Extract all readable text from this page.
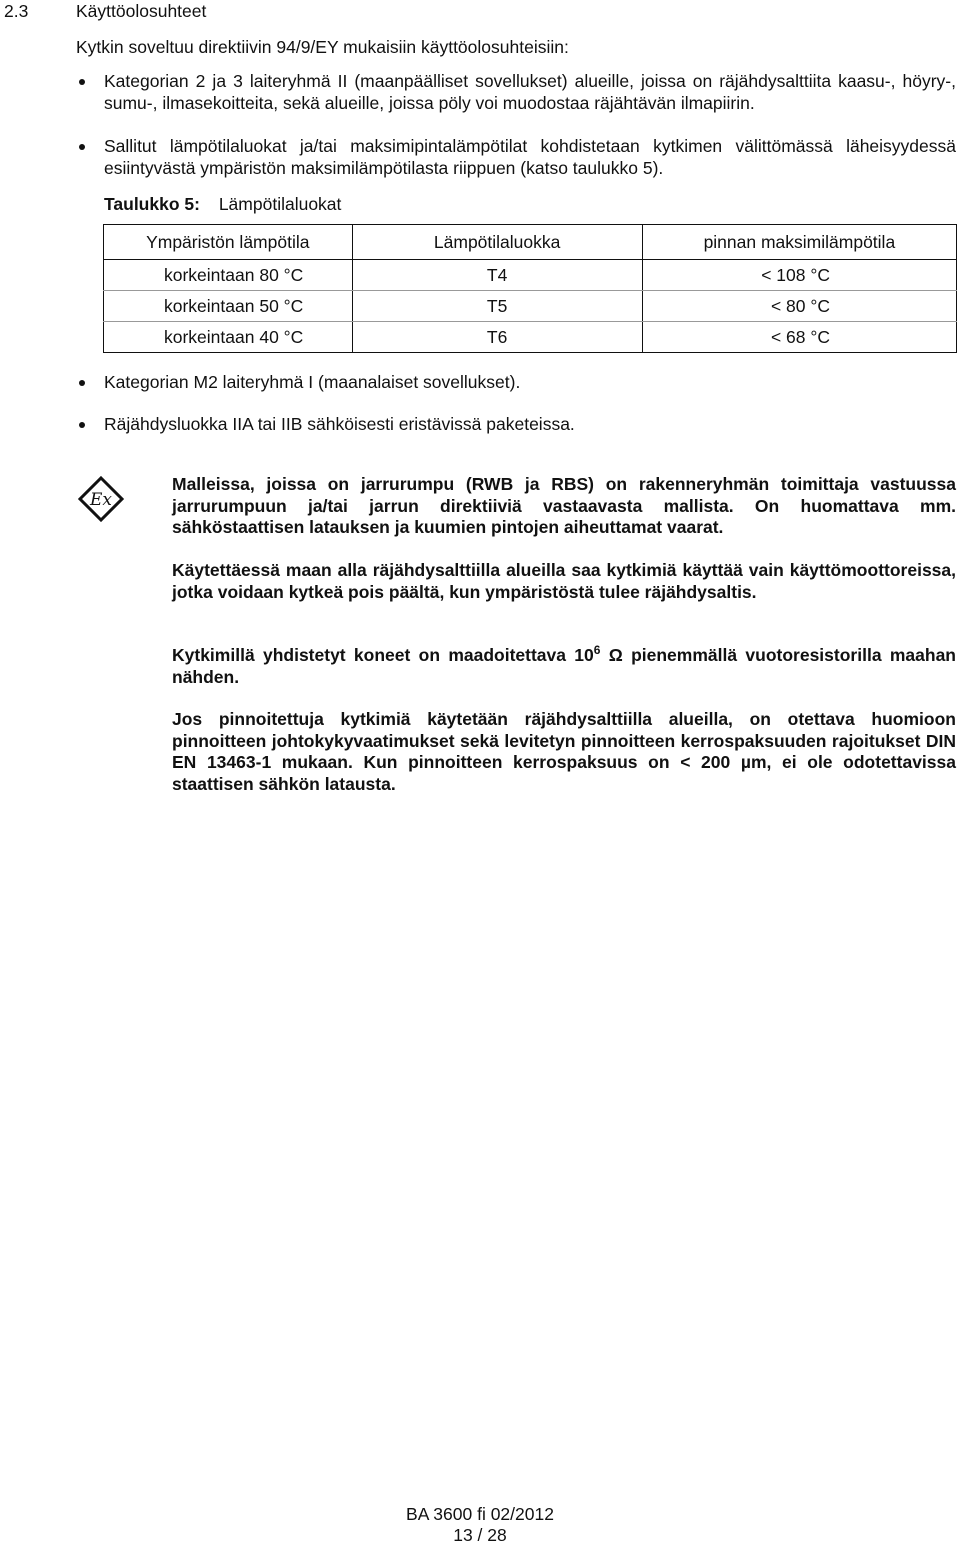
2.3	Käyttöolosuhteet
Kytkin soveltuu direktiivin 94/9/EY mukaisiin käyttöolosuhteisiin:
Kategorian 2 ja 3 laiteryhmä II (maanpäälliset sovellukset) alueille, joissa on räjähdysalttiita kaasu-, höyry-, sumu-, ilmasekoitteita, sekä alueille, joissa pöly voi muodostaa räjähtävän ilmapiirin.
Sallitut lämpötilaluokat ja/tai maksimipintalämpötilat kohdistetaan kytkimen välittömässä läheisyydessä esiintyvästä ympäristön maksimilämpötilasta riippuen (katso taulukko 5).
Taulukko 5: Lämpötilaluokat
Ympäristön lämpötila	Lämpötilaluokka	pinnan maksimilämpötila
korkeintaan 80 °C	T4	< 108 °C
korkeintaan 50 °C	T5	< 80 °C
korkeintaan 40 °C	T6	< 68 °C
Kategorian M2 laiteryhmä I (maanalaiset sovellukset).
Räjähdysluokka IIA tai IIB sähköisesti eristävissä paketeissa.
Ex
Malleissa, joissa on jarrurumpu (RWB ja RBS) on rakenneryhmän toimittaja vastuussa jarrurumpuun ja/tai jarrun direktiiviä vastaavasta mallista. On huomattava mm. sähköstaattisen latauksen ja kuumien pintojen aiheuttamat vaarat.
Käytettäessä maan alla räjähdysalttiilla alueilla saa kytkimiä käyttää vain käyttömoottoreissa, jotka voidaan kytkeä pois päältä, kun ympäristöstä tulee räjähdysaltis.
Kytkimillä yhdistetyt koneet on maadoitettava $10^6$ Ω pienemmällä vuotoresistorilla maahan nähden.
Jos pinnoitettuja kytkimiä käytetään räjähdysalttiilla alueilla, on otettava huomioon pinnoitteen johtokykyvaatimukset sekä levitetyn pinnoitteen kerrospaksuuden rajoitukset DIN EN 13463-1 mukaan. Kun pinnoitteen kerrospaksuus on < 200 µm, ei ole odotettavissa staattisen sähkön latausta.
BA 3600 fi 02/2012
13 / 28
